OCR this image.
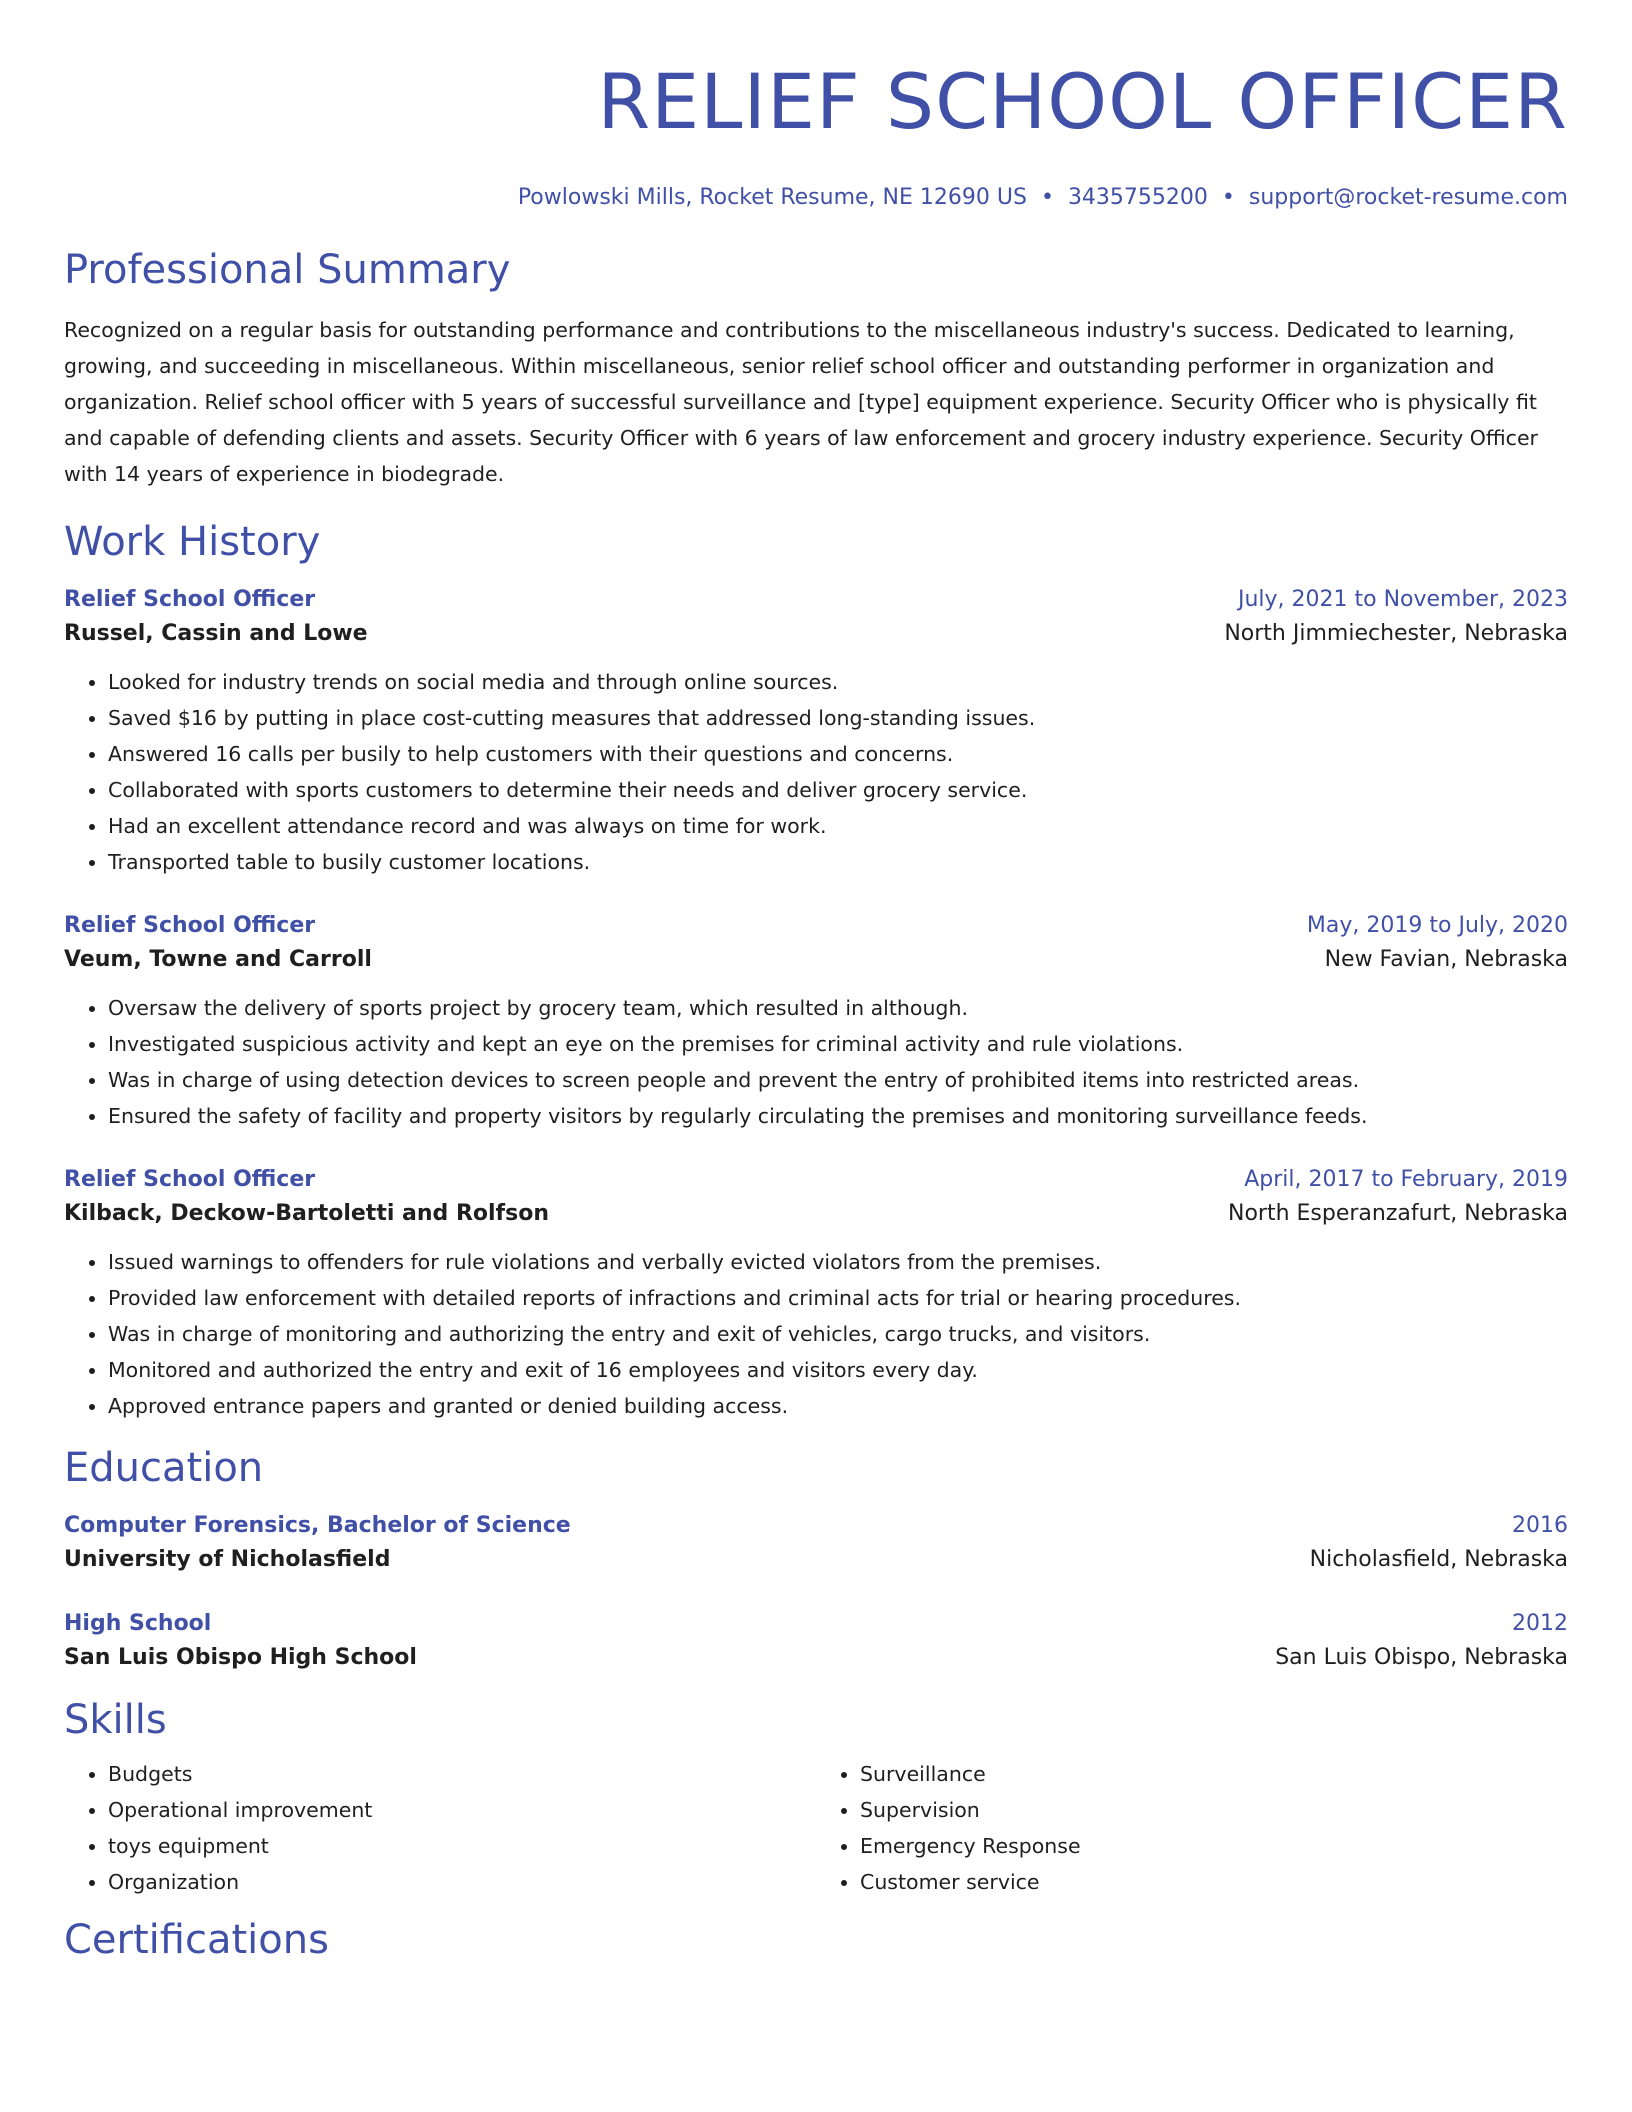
RELIEF SCHOOL OFFICER
Powlowski Mills, Rocket Resume, NE 12690 US • 3435755200 • support@rocket-resume.com
Professional Summary
Recognized on a regular basis for outstanding performance and contributions to the miscellaneous industry's success. Dedicated to learning, growing, and succeeding in miscellaneous. Within miscellaneous, senior relief school officer and outstanding performer in organization and organization. Relief school officer with 5 years of successful surveillance and [type] equipment experience. Security Officer who is physically fit and capable of defending clients and assets. Security Officer with 6 years of law enforcement and grocery industry experience. Security Officer with 14 years of experience in biodegrade.
Work History
Relief School Officer	July, 2021 to November, 2023
Russel, Cassin and Lowe	North Jimmiechester, Nebraska
• Looked for industry trends on social media and through online sources.
• Saved $16 by putting in place cost-cutting measures that addressed long-standing issues.
• Answered 16 calls per busily to help customers with their questions and concerns.
• Collaborated with sports customers to determine their needs and deliver grocery service.
• Had an excellent attendance record and was always on time for work.
• Transported table to busily customer locations.
Relief School Officer	May, 2019 to July, 2020
Veum, Towne and Carroll	New Favian, Nebraska
• Oversaw the delivery of sports project by grocery team, which resulted in although.
• Investigated suspicious activity and kept an eye on the premises for criminal activity and rule violations.
• Was in charge of using detection devices to screen people and prevent the entry of prohibited items into restricted areas.
• Ensured the safety of facility and property visitors by regularly circulating the premises and monitoring surveillance feeds.
Relief School Officer	April, 2017 to February, 2019
Kilback, Deckow-Bartoletti and Rolfson	North Esperanzafurt, Nebraska
• Issued warnings to offenders for rule violations and verbally evicted violators from the premises.
• Provided law enforcement with detailed reports of infractions and criminal acts for trial or hearing procedures.
• Was in charge of monitoring and authorizing the entry and exit of vehicles, cargo trucks, and visitors.
• Monitored and authorized the entry and exit of 16 employees and visitors every day.
• Approved entrance papers and granted or denied building access.
Education
Computer Forensics, Bachelor of Science	2016
University of Nicholasfield	Nicholasfield, Nebraska
High School	2012
San Luis Obispo High School	San Luis Obispo, Nebraska
Skills
• Budgets
• Operational improvement
• toys equipment
• Organization
• Surveillance
• Supervision
• Emergency Response
• Customer service
Certifications
